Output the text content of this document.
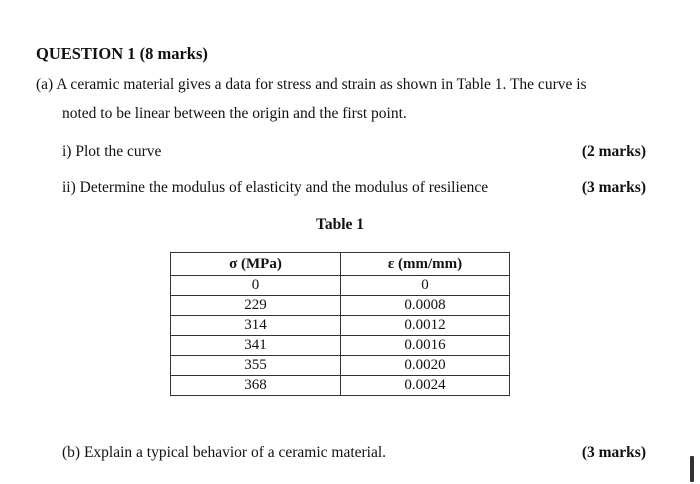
QUESTION 1 (8 marks)
(a) A ceramic material gives a data for stress and strain as shown in Table 1. The curve is
noted to be linear between the origin and the first point.
i) Plot the curve	(2 marks)
ii) Determine the modulus of elasticity and the modulus of resilience	(3 marks)
Table 1
σ (MPa)	ε (mm/mm)
0	0
229	0.0008
314	0.0012
341	0.0016
355	0.0020
368	0.0024
(b) Explain a typical behavior of a ceramic material.	(3 marks)
